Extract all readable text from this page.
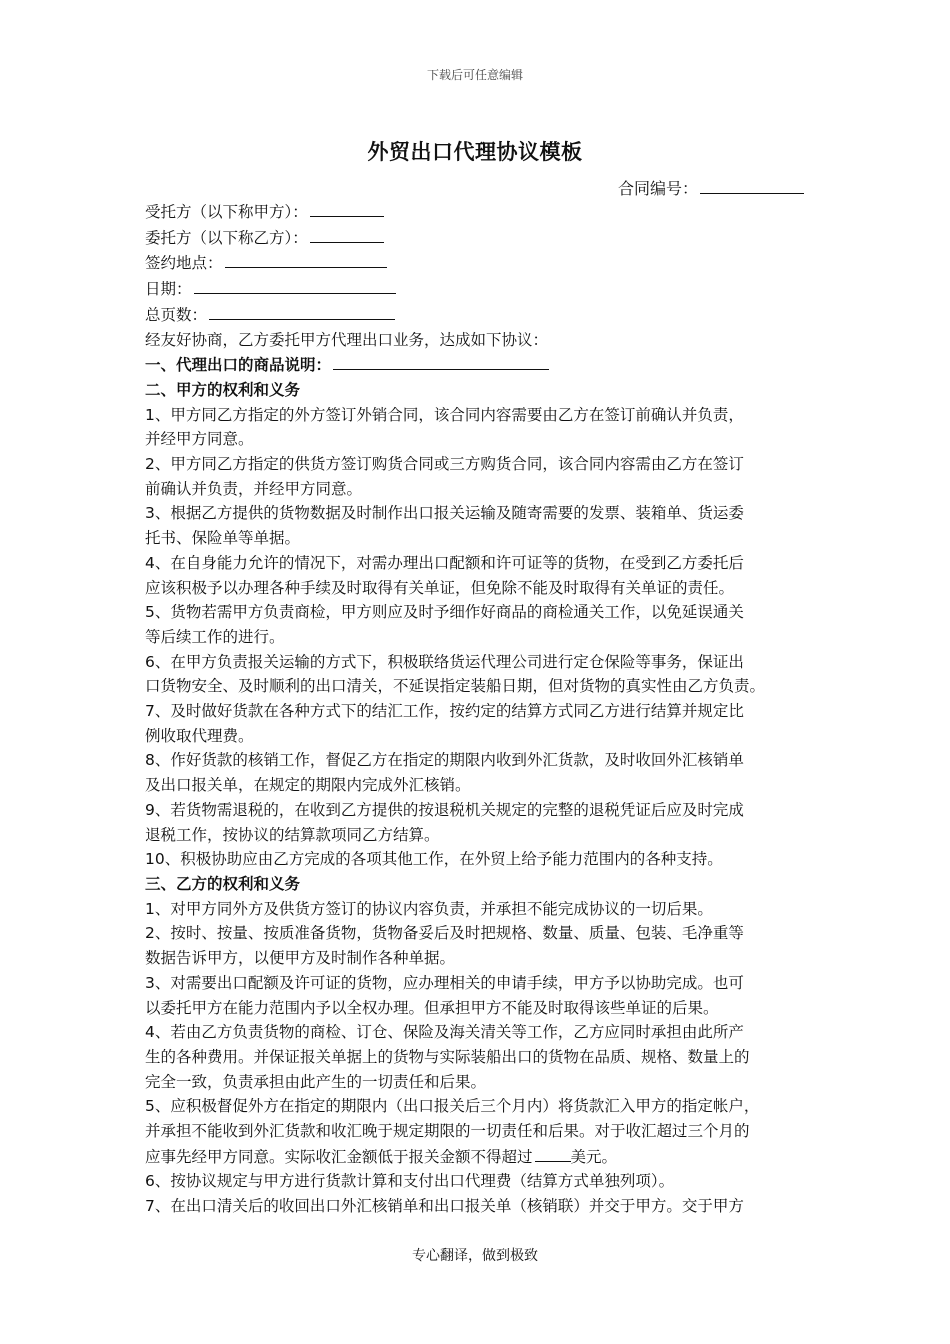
下载后可任意编辑
外贸出口代理协议模板
合同编号：
受托方（以下称甲方）：
委托方（以下称乙方）：
签约地点：
日期：
总页数：
经友好协商，乙方委托甲方代理出口业务，达成如下协议：
一、代理出口的商品说明：
二、甲方的权利和义务
1、甲方同乙方指定的外方签订外销合同，该合同内容需要由乙方在签订前确认并负责，
并经甲方同意。
2、甲方同乙方指定的供货方签订购货合同或三方购货合同，该合同内容需由乙方在签订
前确认并负责，并经甲方同意。
3、根据乙方提供的货物数据及时制作出口报关运输及随寄需要的发票、装箱单、货运委
托书、保险单等单据。
4、在自身能力允许的情况下，对需办理出口配额和许可证等的货物，在受到乙方委托后
应该积极予以办理各种手续及时取得有关单证，但免除不能及时取得有关单证的责任。
5、货物若需甲方负责商检，甲方则应及时予细作好商品的商检通关工作，以免延误通关
等后续工作的进行。
6、在甲方负责报关运输的方式下，积极联络货运代理公司进行定仓保险等事务，保证出
口货物安全、及时顺利的出口清关，不延误指定装船日期，但对货物的真实性由乙方负责。
7、及时做好货款在各种方式下的结汇工作，按约定的结算方式同乙方进行结算并规定比
例收取代理费。
8、作好货款的核销工作，督促乙方在指定的期限内收到外汇货款，及时收回外汇核销单
及出口报关单，在规定的期限内完成外汇核销。
9、若货物需退税的，在收到乙方提供的按退税机关规定的完整的退税凭证后应及时完成
退税工作，按协议的结算款项同乙方结算。
10、积极协助应由乙方完成的各项其他工作，在外贸上给予能力范围内的各种支持。
三、乙方的权利和义务
1、对甲方同外方及供货方签订的协议内容负责，并承担不能完成协议的一切后果。
2、按时、按量、按质准备货物，货物备妥后及时把规格、数量、质量、包装、毛净重等
数据告诉甲方，以便甲方及时制作各种单据。
3、对需要出口配额及许可证的货物，应办理相关的申请手续，甲方予以协助完成。也可
以委托甲方在能力范围内予以全权办理。但承担甲方不能及时取得该些单证的后果。
4、若由乙方负责货物的商检、订仓、保险及海关清关等工作，乙方应同时承担由此所产
生的各种费用。并保证报关单据上的货物与实际装船出口的货物在品质、规格、数量上的
完全一致，负责承担由此产生的一切责任和后果。
5、应积极督促外方在指定的期限内（出口报关后三个月内）将货款汇入甲方的指定帐户，
并承担不能收到外汇货款和收汇晚于规定期限的一切责任和后果。对于收汇超过三个月的
应事先经甲方同意。实际收汇金额低于报关金额不得超过 美元。
6、按协议规定与甲方进行货款计算和支付出口代理费（结算方式单独列项）。
7、在出口清关后的收回出口外汇核销单和出口报关单（核销联）并交于甲方。交于甲方
专心翻译，做到极致
